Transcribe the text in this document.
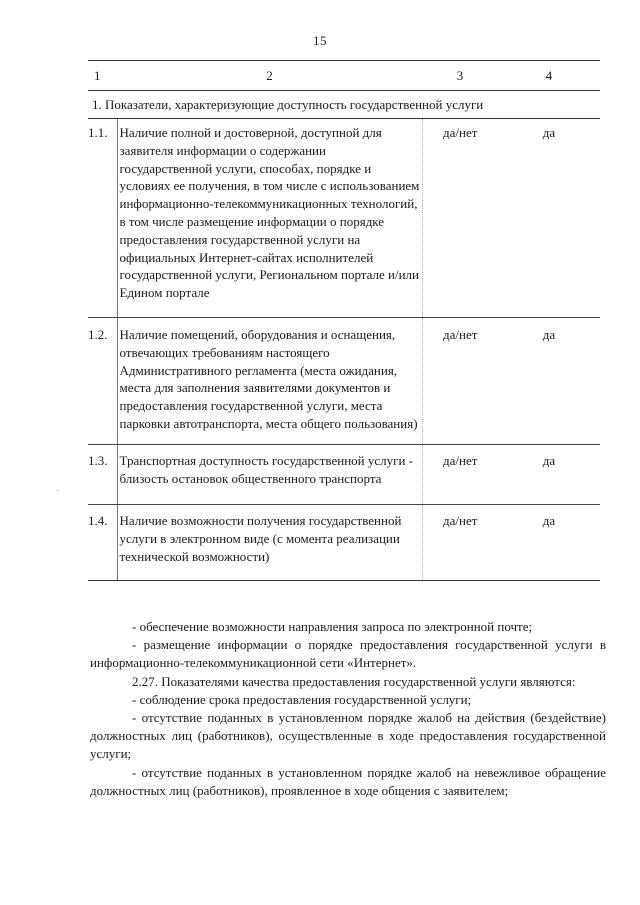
15
1	2	3	4
1. Показатели, характеризующие доступность государственной услуги			
1.1.	Наличие полной и достоверной, доступной для заявителя информации о содержании государственной услуги, способах, порядке и условиях ее получения, в том числе с использованием информационно-телекоммуникационных технологий, в том числе размещение информации о порядке предоставления государственной услуги на официальных Интернет-сайтах исполнителей государственной услуги, Региональном портале и/или Едином портале	да/нет	да
1.2.	Наличие помещений, оборудования и оснащения, отвечающих требованиям настоящего Административного регламента (места ожидания, места для заполнения заявителями документов и предоставления государственной услуги, места парковки автотранспорта, места общего пользования)	да/нет	да
1.3.	Транспортная доступность государственной услуги - близость остановок общественного транспорта	да/нет	да
1.4.	Наличие возможности получения государственной услуги в электронном виде (с момента реализации технической возможности)	да/нет	да
·

- обеспечение возможности направления запроса по электронной почте;

- размещение информации о порядке предоставления государственной услуги в информационно-телекоммуникационной сети «Интернет».

2.27. Показателями качества предоставления государственной услуги являются:

- соблюдение срока предоставления государственной услуги;

- отсутствие поданных в установленном порядке жалоб на действия (бездействие) должностных лиц (работников), осуществленные в ходе предоставления государственной услуги;

- отсутствие поданных в установленном порядке жалоб на невежливое обращение должностных лиц (работников), проявленное в ходе общения с заявителем;
